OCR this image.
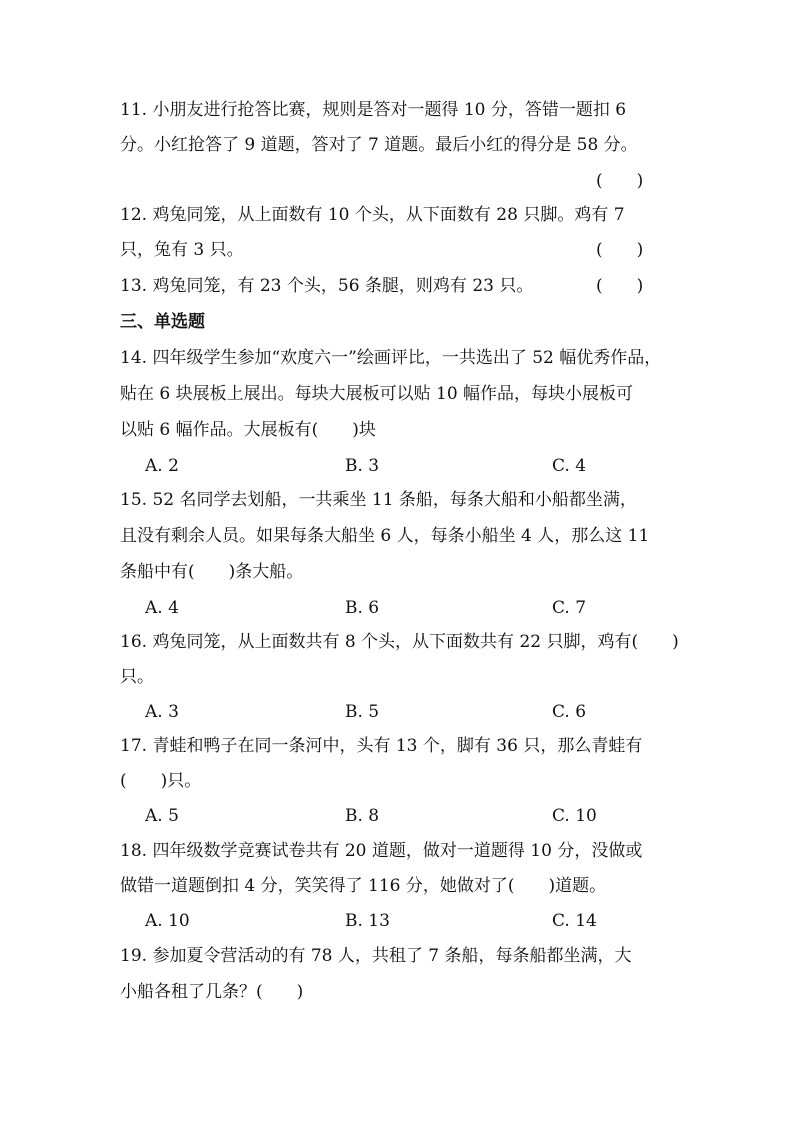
11. 小朋友进行抢答比赛，规则是答对一题得 10 分，答错一题扣 6
分。小红抢答了 9 道题，答对了 7 道题。最后小红的得分是 58 分。
(　　)
12. 鸡兔同笼，从上面数有 10 个头，从下面数有 28 只脚。鸡有 7
只，兔有 3 只。	(　　)
13. 鸡兔同笼，有 23 个头，56 条腿，则鸡有 23 只。	(　　)
三、单选题
14. 四年级学生参加“欢度六一”绘画评比，一共选出了 52 幅优秀作品，
贴在 6 块展板上展出。每块大展板可以贴 10 幅作品，每块小展板可
以贴 6 幅作品。大展板有(　　)块
A. 2	B. 3	C. 4
15. 52 名同学去划船，一共乘坐 11 条船，每条大船和小船都坐满，
且没有剩余人员。如果每条大船坐 6 人，每条小船坐 4 人，那么这 11
条船中有(　　)条大船。
A. 4	B. 6	C. 7
16. 鸡兔同笼，从上面数共有 8 个头，从下面数共有 22 只脚，鸡有(　　)
只。
A. 3	B. 5	C. 6
17. 青蛙和鸭子在同一条河中，头有 13 个，脚有 36 只，那么青蛙有
(　　)只。
A. 5	B. 8	C. 10
18. 四年级数学竞赛试卷共有 20 道题，做对一道题得 10 分，没做或
做错一道题倒扣 4 分，笑笑得了 116 分，她做对了(　　)道题。
A. 10	B. 13	C. 14
19. 参加夏令营活动的有 78 人，共租了 7 条船，每条船都坐满，大
小船各租了几条？(　　)
